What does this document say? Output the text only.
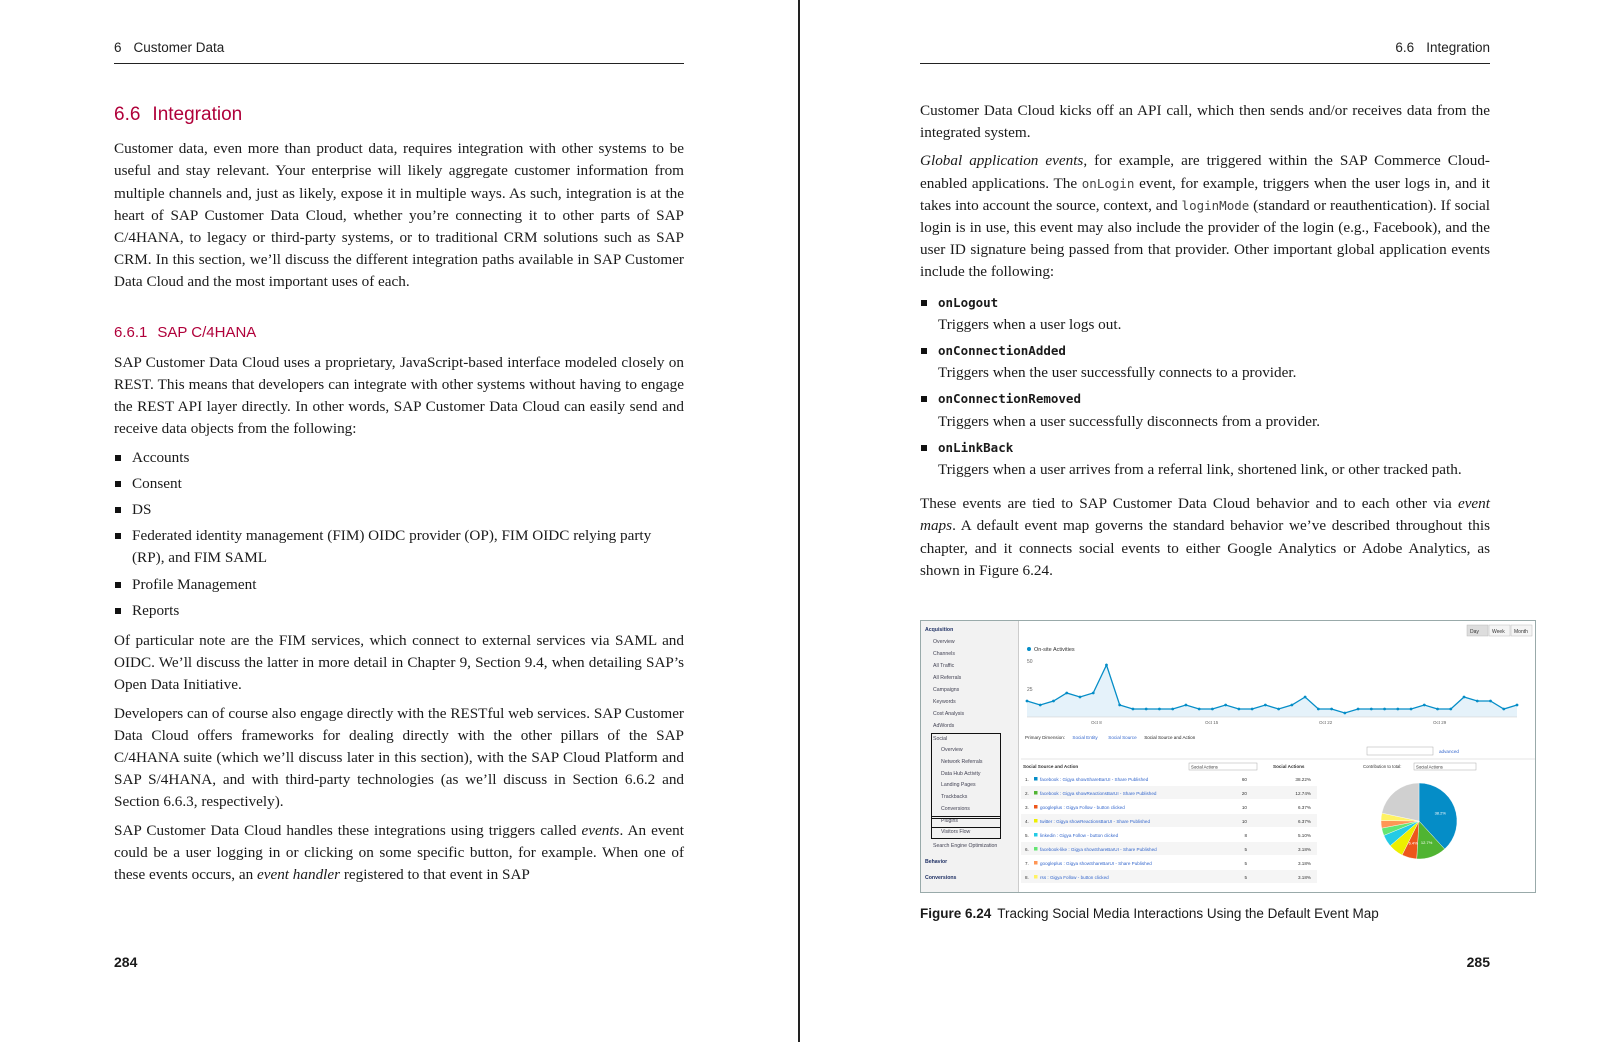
6 Customer Data
6.6 Integration

Customer data, even more than product data, requires integration with other systems to be useful and stay relevant. Your enterprise will likely aggregate customer information from multiple channels and, just as likely, expose it in multiple ways. As such, integration is at the heart of SAP Customer Data Cloud, whether you’re connecting it to other parts of SAP C/4HANA, to legacy or third-party systems, or to traditional CRM solutions such as SAP CRM. In this section, we’ll discuss the different integration paths available in SAP Customer Data Cloud and the most important uses of each.

6.6.1 SAP C/4HANA

SAP Customer Data Cloud uses a proprietary, JavaScript-based interface modeled closely on REST. This means that developers can integrate with other systems without having to engage the REST API layer directly. In other words, SAP Customer Data Cloud can easily send and receive data objects from the following:

Accounts
Consent
DS
Federated identity management (FIM) OIDC provider (OP), FIM OIDC relying party (RP), and FIM SAML
Profile Management
Reports

Of particular note are the FIM services, which connect to external services via SAML and OIDC. We’ll discuss the latter in more detail in Chapter 9, Section 9.4, when detailing SAP’s Open Data Initiative.

Developers can of course also engage directly with the RESTful web services. SAP Customer Data Cloud offers frameworks for dealing directly with the other pillars of the SAP C/4HANA suite (which we’ll discuss later in this section), with the SAP Cloud Platform and SAP S/4HANA, and with third-party technologies (as we’ll discuss in Section 6.6.2 and Section 6.6.3, respectively).

SAP Customer Data Cloud handles these integrations using triggers called events. An event could be a user logging in or clicking on some specific button, for example. When one of these events occurs, an event handler registered to that event in SAP

284
6.6 Integration

Customer Data Cloud kicks off an API call, which then sends and/or receives data from the integrated system.

Global application events, for example, are triggered within the SAP Commerce Cloud-enabled applications. The onLogin event, for example, triggers when the user logs in, and it takes into account the source, context, and loginMode (standard or reauthentication). If social login is in use, this event may also include the provider of the login (e.g., Facebook), and the user ID signature being passed from that provider. Other important global application events include the following:

onLogout
Triggers when a user logs out.
onConnectionAdded
Triggers when the user successfully connects to a provider.
onConnectionRemoved
Triggers when a user successfully disconnects from a provider.
onLinkBack
Triggers when a user arrives from a referral link, shortened link, or other tracked path.

These events are tied to SAP Customer Data Cloud behavior and to each other via event maps. A default event map governs the standard behavior we’ve described throughout this chapter, and it connects social events to either Google Analytics or Adobe Analytics, as shown in Figure 6.24.

Acquisition
Overview
Channels
All Traffic
All Referrals
Campaigns
Keywords
Cost Analysis
AdWords
Social
Overview
Network Referrals
Data Hub Activity
Landing Pages
Trackbacks
Conversions
Plugins
Visitors Flow
Search Engine Optimization
Behavior
Conversions
Day	Week Month
On-site Activities
50
25
Oct 8	Oct 15	Oct 22	Oct 29
Primary Dimension: Social Entity Social Source Social Source and Action
advanced
Social Source and Action	Social Actions	Social Actions	Contribution to total:	Social Actions
1. facebook : Gigya showShareBarUI - Share Published	60	38.22%
2. facebook : Gigya showReactionsBarUI - Share Published	20	12.74%
3. googleplus : Gigya Follow - button clicked	10	6.37%
4. twitter : Gigya showReactionsBarUI - Share Published	10	6.37%
5. linkedin : Gigya Follow - button clicked	8	5.10%
6. facebook-like : Gigya showShareBarUI - Share Published	5	3.18%
7. googleplus : Gigya showShareBarUI - Share Published	5	3.18%
8. rss : Gigya Follow - button clicked	5	3.18%
38.2%
12.7%
6.4%
Figure 6.24 Tracking Social Media Interactions Using the Default Event Map
285
